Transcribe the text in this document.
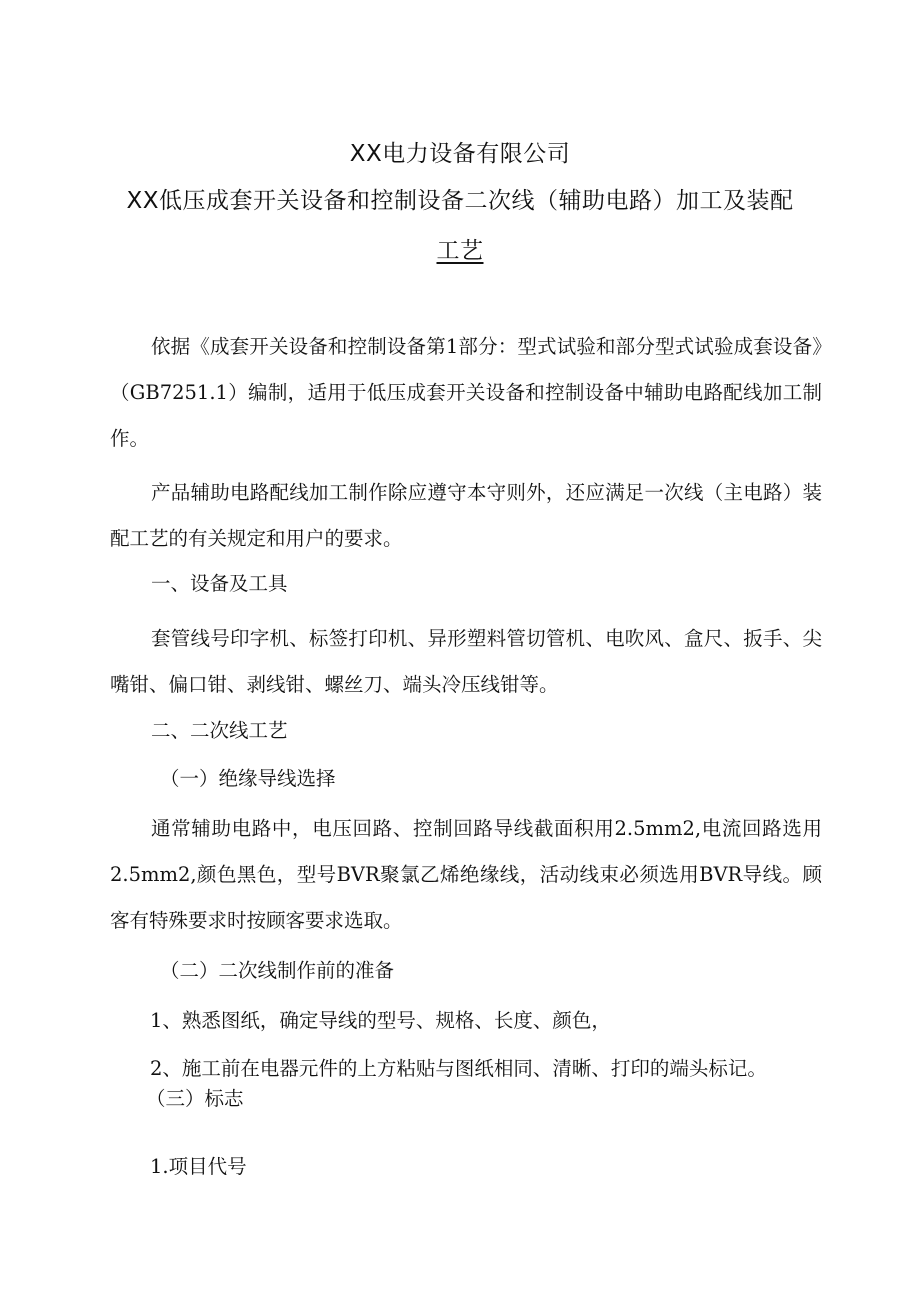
XX电力设备有限公司
XX低压成套开关设备和控制设备二次线（辅助电路）加工及装配
工艺

依据《成套开关设备和控制设备第1部分：型式试验和部分型式试验成套设备》（GB7251.1）编制，适用于低压成套开关设备和控制设备中辅助电路配线加工制作。

产品辅助电路配线加工制作除应遵守本守则外，还应满足一次线（主电路）装配工艺的有关规定和用户的要求。

一、设备及工具

套管线号印字机、标签打印机、异形塑料管切管机、电吹风、盒尺、扳手、尖嘴钳、偏口钳、剥线钳、螺丝刀、端头冷压线钳等。

二、二次线工艺

（一）绝缘导线选择

通常辅助电路中，电压回路、控制回路导线截面积用2.5mm2,电流回路选用2.5mm2,颜色黑色，型号BVR聚氯乙烯绝缘线，活动线束必须选用BVR导线。顾客有特殊要求时按顾客要求选取。

（二）二次线制作前的准备

1、熟悉图纸，确定导线的型号、规格、长度、颜色，

2、施工前在电器元件的上方粘贴与图纸相同、清晰、打印的端头标记。

（三）标志

1.项目代号
